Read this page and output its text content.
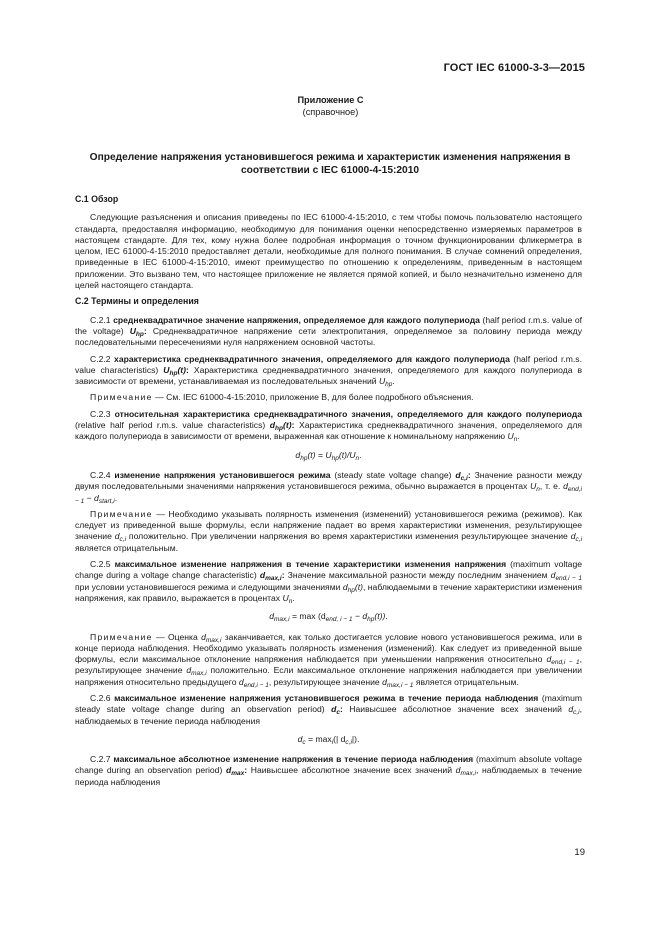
ГОСТ IEC 61000-3-3—2015
Приложение С
(справочное)
Определение напряжения установившегося режима и характеристик изменения напряжения в соответствии с IEC 61000-4-15:2010
С.1 Обзор

Следующие разъяснения и описания приведены по IEC 61000-4-15:2010, с тем чтобы помочь пользователю настоящего стандарта, предоставляя информацию, необходимую для понимания оценки непосредственно измеряемых параметров в настоящем стандарте. Для тех, кому нужна более подробная информация о точном функционировании фликерметра в целом, IEC 61000-4-15:2010 предоставляет детали, необходимые для полного понимания. В случае сомнений определения, приведенные в IEC 61000-4-15:2010, имеют преимущество по отношению к определениям, приведенным в настоящем приложении. Это вызвано тем, что настоящее приложение не является прямой копией, и было незначительно изменено для целей настоящего стандарта.

С.2 Термины и определения

С.2.1 среднеквадратичное значение напряжения, определяемое для каждого полупериода (half period r.m.s. value of the voltage) $U_{hp}$: Среднеквадратичное напряжение сети электропитания, определяемое за половину периода между последовательными пересечениями нуля напряжением основной частоты.

С.2.2 характеристика среднеквадратичного значения, определяемого для каждого полупериода (half period r.m.s. value characteristics) $U_{hp}(t)$: Характеристика среднеквадратичного значения, определяемого для каждого полупериода в зависимости от времени, устанавливаемая из последовательных значений $U_{hp}$.

Примечание — См. IEC 61000-4-15:2010, приложение В, для более подробного объяснения.

С.2.3 относительная характеристика среднеквадратичного значения, определяемого для каждого полупериода (relative half period r.m.s. value characteristics) $d_{hp}(t)$: Характеристика среднеквадратичного значения, определяемого для каждого полупериода в зависимости от времени, выраженная как отношение к номинальному напряжению $U_n$.

$d_{hp}(t) = U_{hp}(t)/U_n$.

С.2.4 изменение напряжения установившегося режима (steady state voltage change) $d_{c,i}$: Значение разности между двумя последовательными значениями напряжения установившегося режима, обычно выражается в процентах $U_n$, т. е. $d_{end,i - 1} - d_{start,i}$.

Примечание — Необходимо указывать полярность изменения (изменений) установившегося режима (режимов). Как следует из приведенной выше формулы, если напряжение падает во время характеристики изменения, результирующее значение $d_{c,i}$ положительно. При увеличении напряжения во время характеристики изменения результирующее значение $d_{c,i}$ является отрицательным.

С.2.5 максимальное изменение напряжения в течение характеристики изменения напряжения (maximum voltage change during a voltage change characteristic) $d_{max,i}$: Значение максимальной разности между последним значением $d_{end,i - 1}$ при условии установившегося режима и следующими значениями $d_{hp}(t)$, наблюдаемыми в течение характеристики изменения напряжения, как правило, выражается в процентах $U_n$.

$d_{max,i} = \max (d_{end, i - 1} - d_{hp}(t))$.

Примечание — Оценка $d_{max,i}$ заканчивается, как только достигается условие нового установившегося режима, или в конце периода наблюдения. Необходимо указывать полярность изменения (изменений). Как следует из приведенной выше формулы, если максимальное отклонение напряжения наблюдается при уменьшении напряжения относительно $d_{end,i - 1}$, результирующее значение $d_{max,i}$ положительно. Если максимальное отклонение напряжения наблюдается при увеличении напряжения относительно предыдущего $d_{end,i - 1}$, результирующее значение $d_{max,i - 1}$ является отрицательным.

С.2.6 максимальное изменение напряжения установившегося режима в течение периода наблюдения (maximum steady state voltage change during an observation period) $d_c$: Наивысшее абсолютное значение всех значений $d_{c,i}$, наблюдаемых в течение периода наблюдения

$d_c = \max_i(|$ $d_{c,i}|$).

С.2.7 максимальное абсолютное изменение напряжения в течение периода наблюдения (maximum absolute voltage change during an observation period) $d_{max}$: Наивысшее абсолютное значение всех значений $d_{max,i}$, наблюдаемых в течение периода наблюдения

19
